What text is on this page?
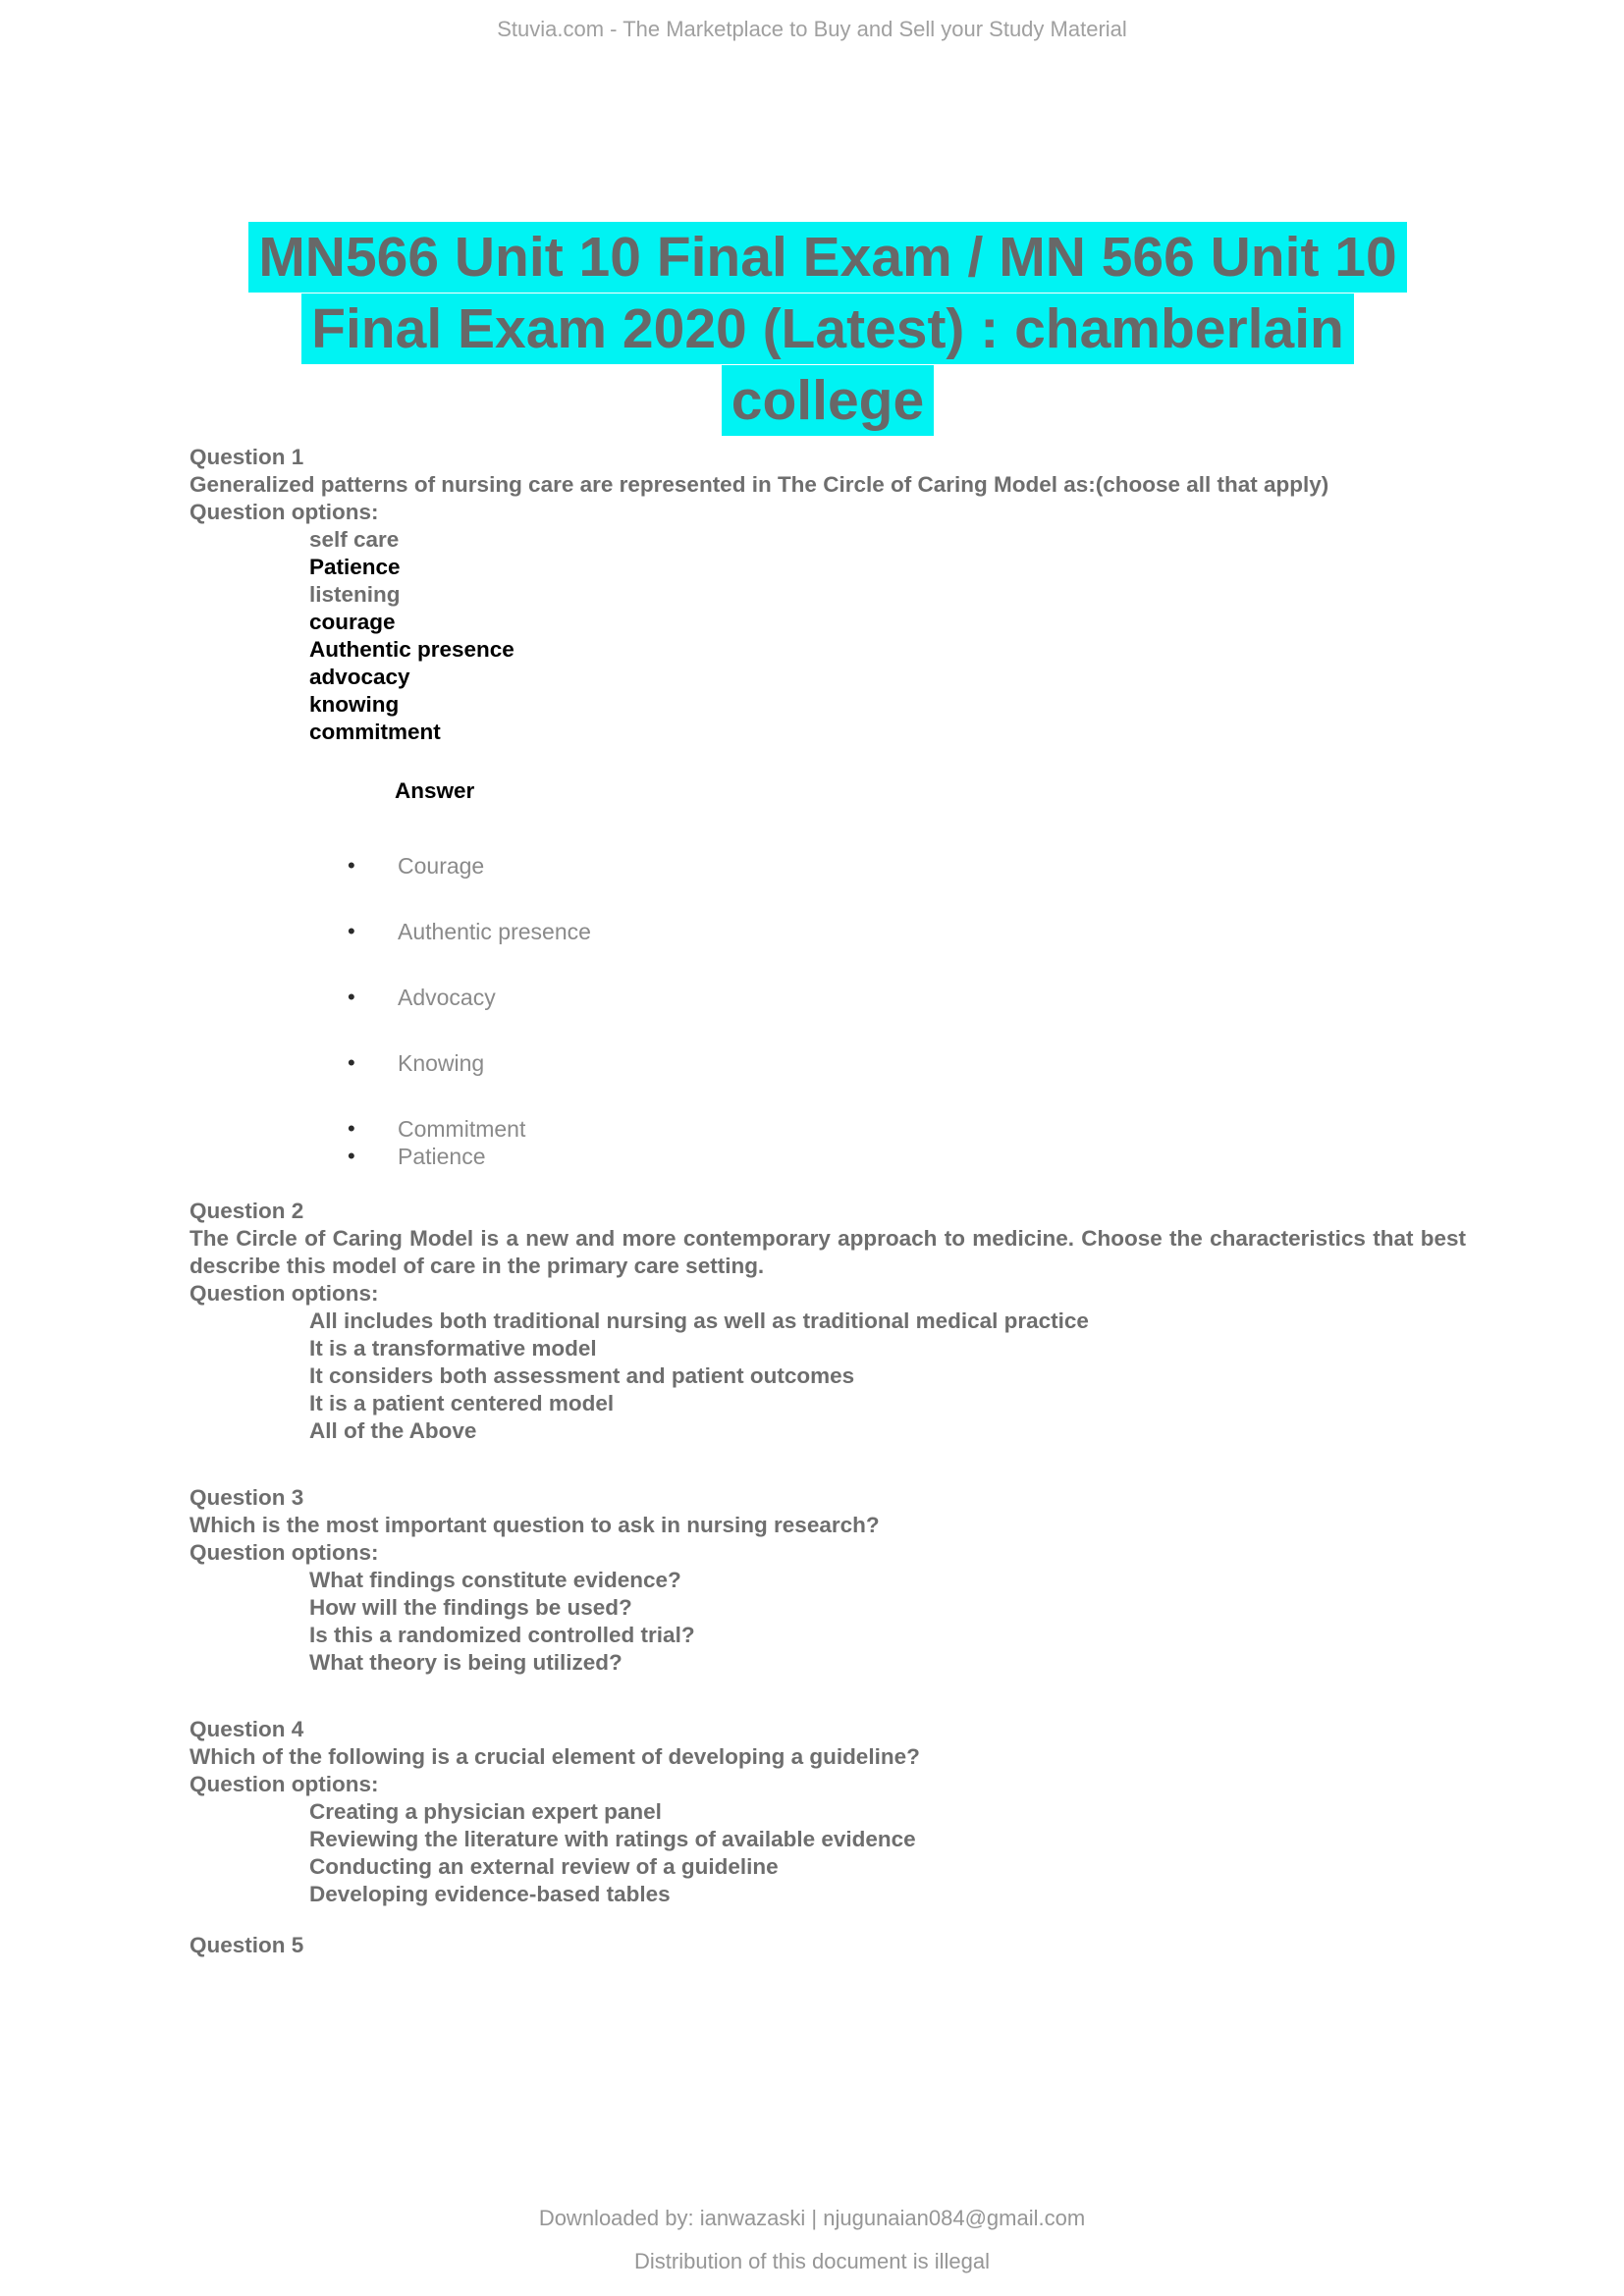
Stuvia.com - The Marketplace to Buy and Sell your Study Material
MN566 Unit 10 Final Exam / MN 566 Unit 10
Final Exam 2020 (Latest) : chamberlain
college
Question 1
Generalized patterns of nursing care are represented in The Circle of Caring Model as:(choose all that apply)
Question options:
self care
Patience
listening
courage
Authentic presence
advocacy
knowing
commitment
Answer
•	Courage
•	Authentic presence
•	Advocacy
•	Knowing
•	Commitment
•	Patience
Question 2
The Circle of Caring Model is a new and more contemporary approach to medicine. Choose the characteristics that best describe this model of care in the primary care setting.
Question options:
All includes both traditional nursing as well as traditional medical practice
It is a transformative model
It considers both assessment and patient outcomes
It is a patient centered model
All of the Above
Question 3
Which is the most important question to ask in nursing research?
Question options:
What findings constitute evidence?
How will the findings be used?
Is this a randomized controlled trial?
What theory is being utilized?
Question 4
Which of the following is a crucial element of developing a guideline?
Question options:
Creating a physician expert panel
Reviewing the literature with ratings of available evidence
Conducting an external review of a guideline
Developing evidence-based tables
Question 5
Downloaded by: ianwazaski | njugunaian084@gmail.com
Distribution of this document is illegal
